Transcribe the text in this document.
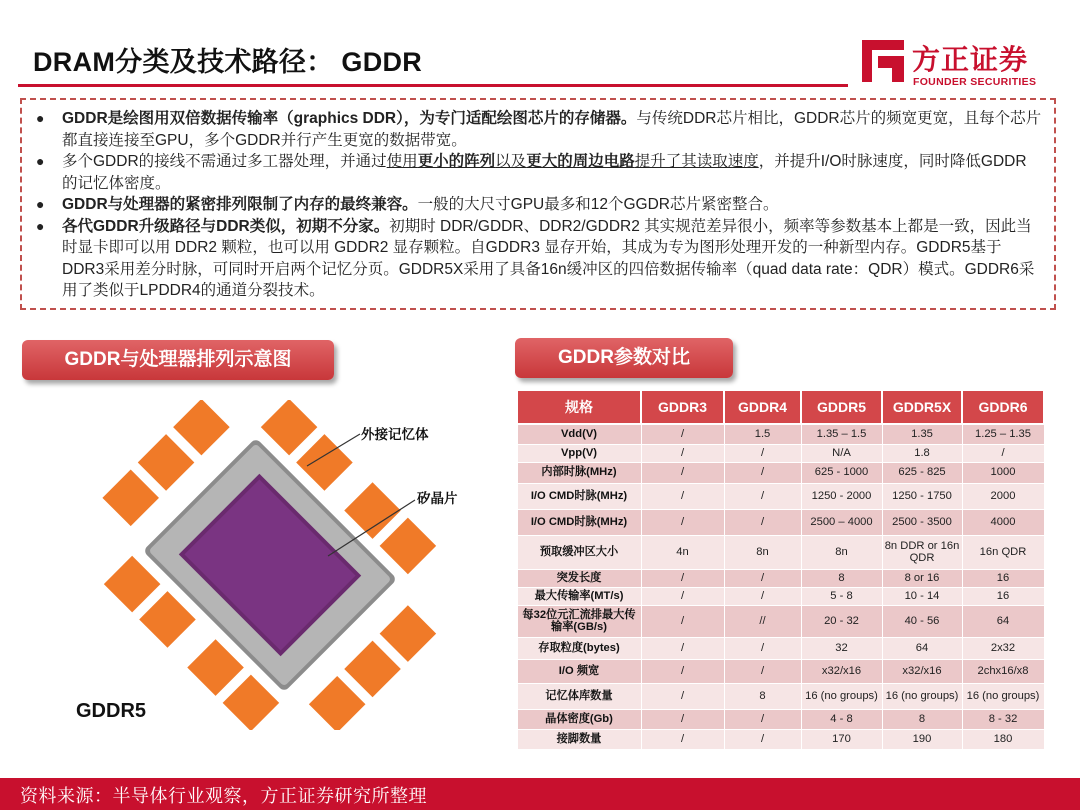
DRAM分类及技术路径： GDDR	方正证券
FOUNDER SECURITIES
●	GDDR是绘图用双倍数据传输率（graphics DDR），为专门适配绘图芯片的存储器。与传统DDR芯片相比，GDDR芯片的频宽更宽，且每个芯片都直接连接至GPU，多个GDDR并行产生更宽的数据带宽。
●	多个GDDR的接线不需通过多工器处理，并通过使用更小的阵列以及更大的周边电路提升了其读取速度，并提升I/O时脉速度，同时降低GDDR的记忆体密度。
●	GDDR与处理器的紧密排列限制了内存的最终兼容。一般的大尺寸GPU最多和12个GGDR芯片紧密整合。
●	各代GDDR升级路径与DDR类似，初期不分家。初期时 DDR/GDDR、DDR2/GDDR2 其实规范差异很小，频率等参数基本上都是一致，因此当时显卡即可以用 DDR2 颗粒，也可以用 GDDR2 显存颗粒。自GDDR3 显存开始，其成为专为图形处理开发的一种新型内存。GDDR5基于DDR3采用差分时脉，可同时开启两个记忆分页。GDDR5X采用了具备16n缓冲区的四倍数据传输率（quad data rate：QDR）模式。GDDR6采用了类似于LPDDR4的通道分裂技术。
GDDR与处理器排列示意图	GDDR参数对比
外接记忆体
矽晶片
GDDR5
规格	GDDR3	GDDR4	GDDR5	GDDR5X	GDDR6
Vdd(V)	/	1.5	1.35 – 1.5	1.35	1.25 – 1.35
Vpp(V)	/	/	N/A	1.8	/
内部时脉(MHz)	/	/	625 - 1000	625 - 825	1000
I/O CMD时脉(MHz)	/	/	1250 - 2000	1250 - 1750	2000
I/O CMD时脉(MHz)	/	/	2500 – 4000	2500 - 3500	4000
预取缓冲区大小	4n	8n	8n	8n DDR or 16n QDR	16n QDR
突发长度	/	/	8	8 or 16	16
最大传输率(MT/s)	/	/	5 - 8	10 - 14	16
每32位元汇流排最大传输率(GB/s)	/	//	20 - 32	40 - 56	64
存取粒度(bytes)	/	/	32	64	2x32
I/O 频宽	/	/	x32/x16	x32/x16	2chx16/x8
记忆体库数量	/	8	16 (no groups)	16 (no groups)	16 (no groups)
晶体密度(Gb)	/	/	4 - 8	8	8 - 32
接脚数量	/	/	170	190	180
资料来源：半导体行业观察，方正证券研究所整理
